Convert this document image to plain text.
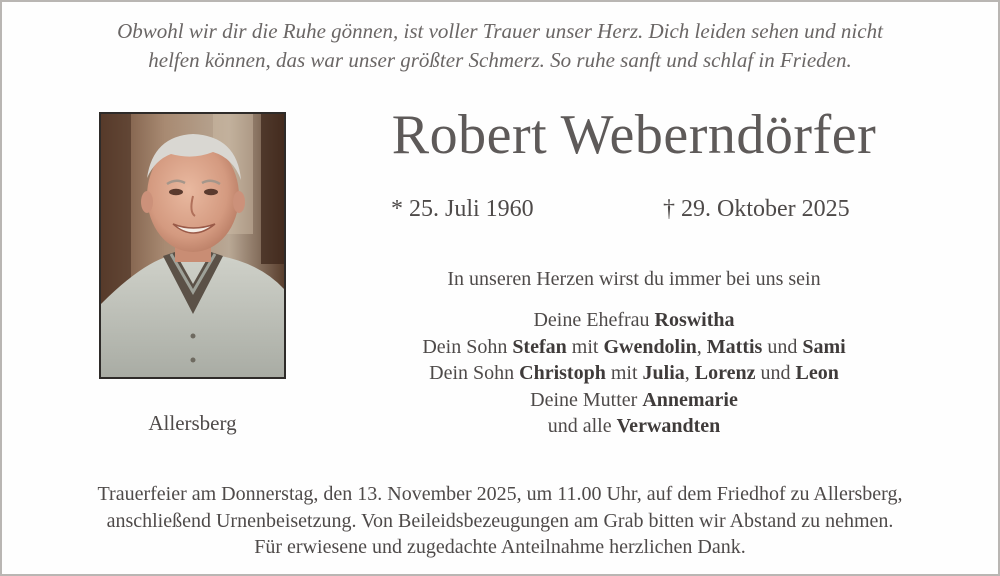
Obwohl wir dir die Ruhe gönnen, ist voller Trauer unser Herz. Dich leiden sehen und nicht
helfen können, das war unser größter Schmerz. So ruhe sanft und schlaf in Frieden.
Allersberg
Robert Weberndörfer
* 25. Juli 1960	† 29. Oktober 2025
In unseren Herzen wirst du immer bei uns sein
Deine Ehefrau Roswitha
Dein Sohn Stefan mit Gwendolin, Mattis und Sami
Dein Sohn Christoph mit Julia, Lorenz und Leon
Deine Mutter Annemarie
und alle Verwandten
Trauerfeier am Donnerstag, den 13. November 2025, um 11.00 Uhr, auf dem Friedhof zu Allersberg,
anschließend Urnenbeisetzung. Von Beileidsbezeugungen am Grab bitten wir Abstand zu nehmen.
Für erwiesene und zugedachte Anteilnahme herzlichen Dank.
